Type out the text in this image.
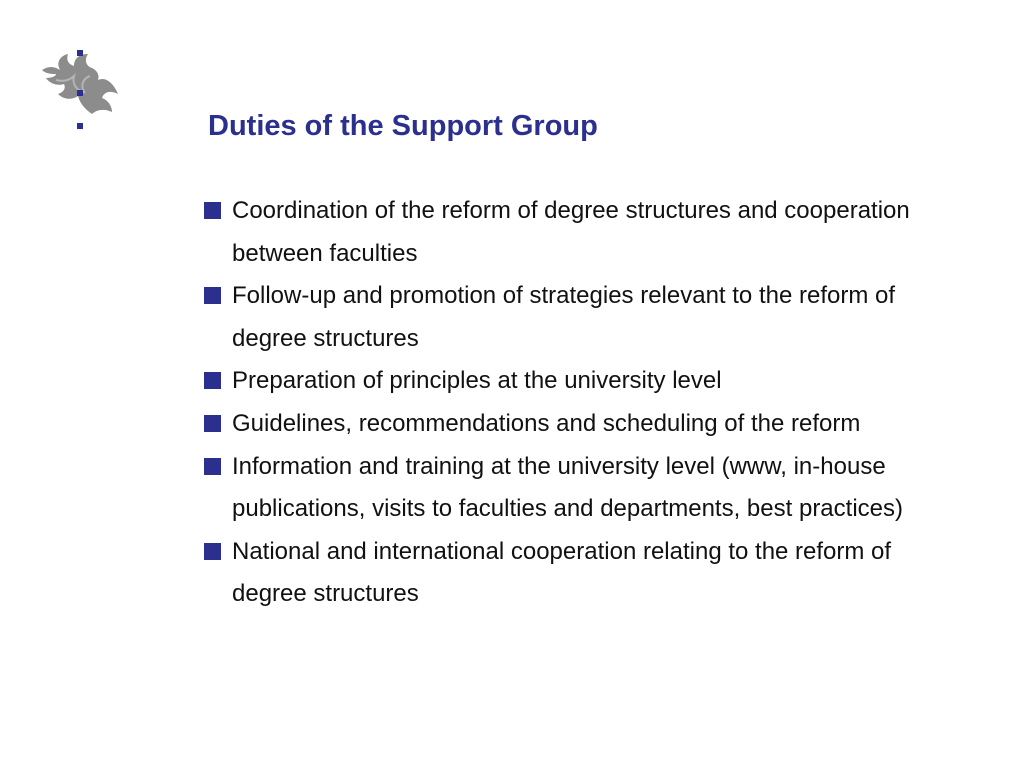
Duties of the Support Group
Coordination of the reform of degree structures and cooperation between faculties
Follow-up and promotion of strategies relevant to the reform of degree structures
Preparation of principles at the university level
Guidelines, recommendations and scheduling of the reform
Information and training at the university level (www, in-house publications, visits to faculties and departments, best practices)
National and international cooperation relating to the reform of degree structures
